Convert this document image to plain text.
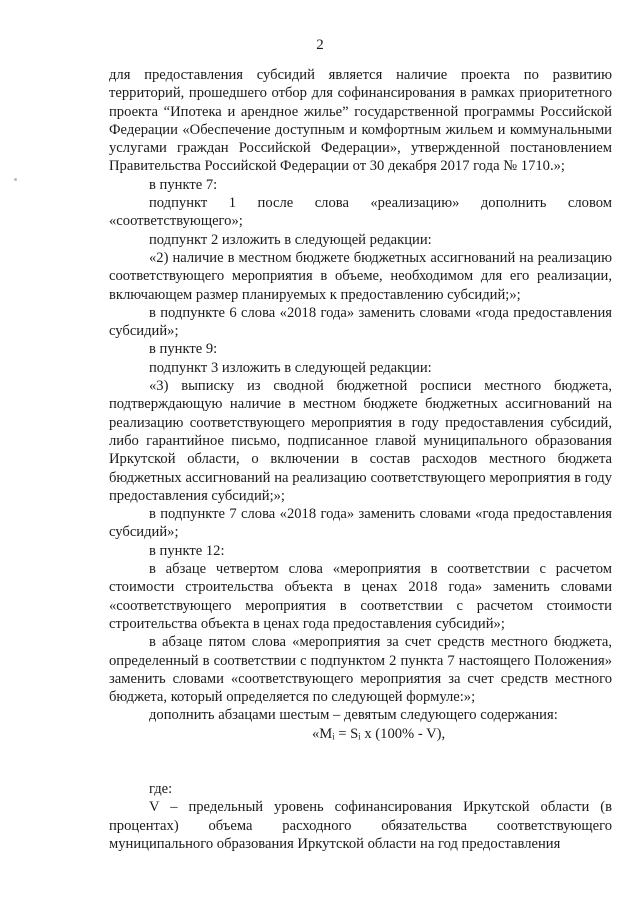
2

для предоставления субсидий является наличие проекта по развитию территорий, прошедшего отбор для софинансирования в рамках приоритетного проекта “Ипотека и арендное жилье” государственной программы Российской Федерации «Обеспечение доступным и комфортным жильем и коммунальными услугами граждан Российской Федерации», утвержденной постановлением Правительства Российской Федерации от 30 декабря 2017 года № 1710.»;

в пункте 7:

подпункт 1 после слова «реализацию» дополнить словом «соответствующего»;

подпункт 2 изложить в следующей редакции:

«2) наличие в местном бюджете бюджетных ассигнований на реализацию соответствующего мероприятия в объеме, необходимом для его реализации, включающем размер планируемых к предоставлению субсидий;»;

в подпункте 6 слова «2018 года» заменить словами «года предоставления субсидий»;

в пункте 9:

подпункт 3 изложить в следующей редакции:

«3) выписку из сводной бюджетной росписи местного бюджета, подтверждающую наличие в местном бюджете бюджетных ассигнований на реализацию соответствующего мероприятия в году предоставления субсидий, либо гарантийное письмо, подписанное главой муниципального образования Иркутской области, о включении в состав расходов местного бюджета бюджетных ассигнований на реализацию соответствующего мероприятия в году предоставления субсидий;»;

в подпункте 7 слова «2018 года» заменить словами «года предоставления субсидий»;

в пункте 12:

в абзаце четвертом слова «мероприятия в соответствии с расчетом стоимости строительства объекта в ценах 2018 года» заменить словами «соответствующего мероприятия в соответствии с расчетом стоимости строительства объекта в ценах года предоставления субсидий»;

в абзаце пятом слова «мероприятия за счет средств местного бюджета, определенный в соответствии с подпунктом 2 пункта 7 настоящего Положения» заменить словами «соответствующего мероприятия за счет средств местного бюджета, который определяется по следующей формуле:»;

дополнить абзацами шестым – девятым следующего содержания:

«Mᵢ = Sᵢ x (100% - V),

где:

V – предельный уровень софинансирования Иркутской области (в процентах) объема расходного обязательства соответствующего муниципального образования Иркутской области на год предоставления
